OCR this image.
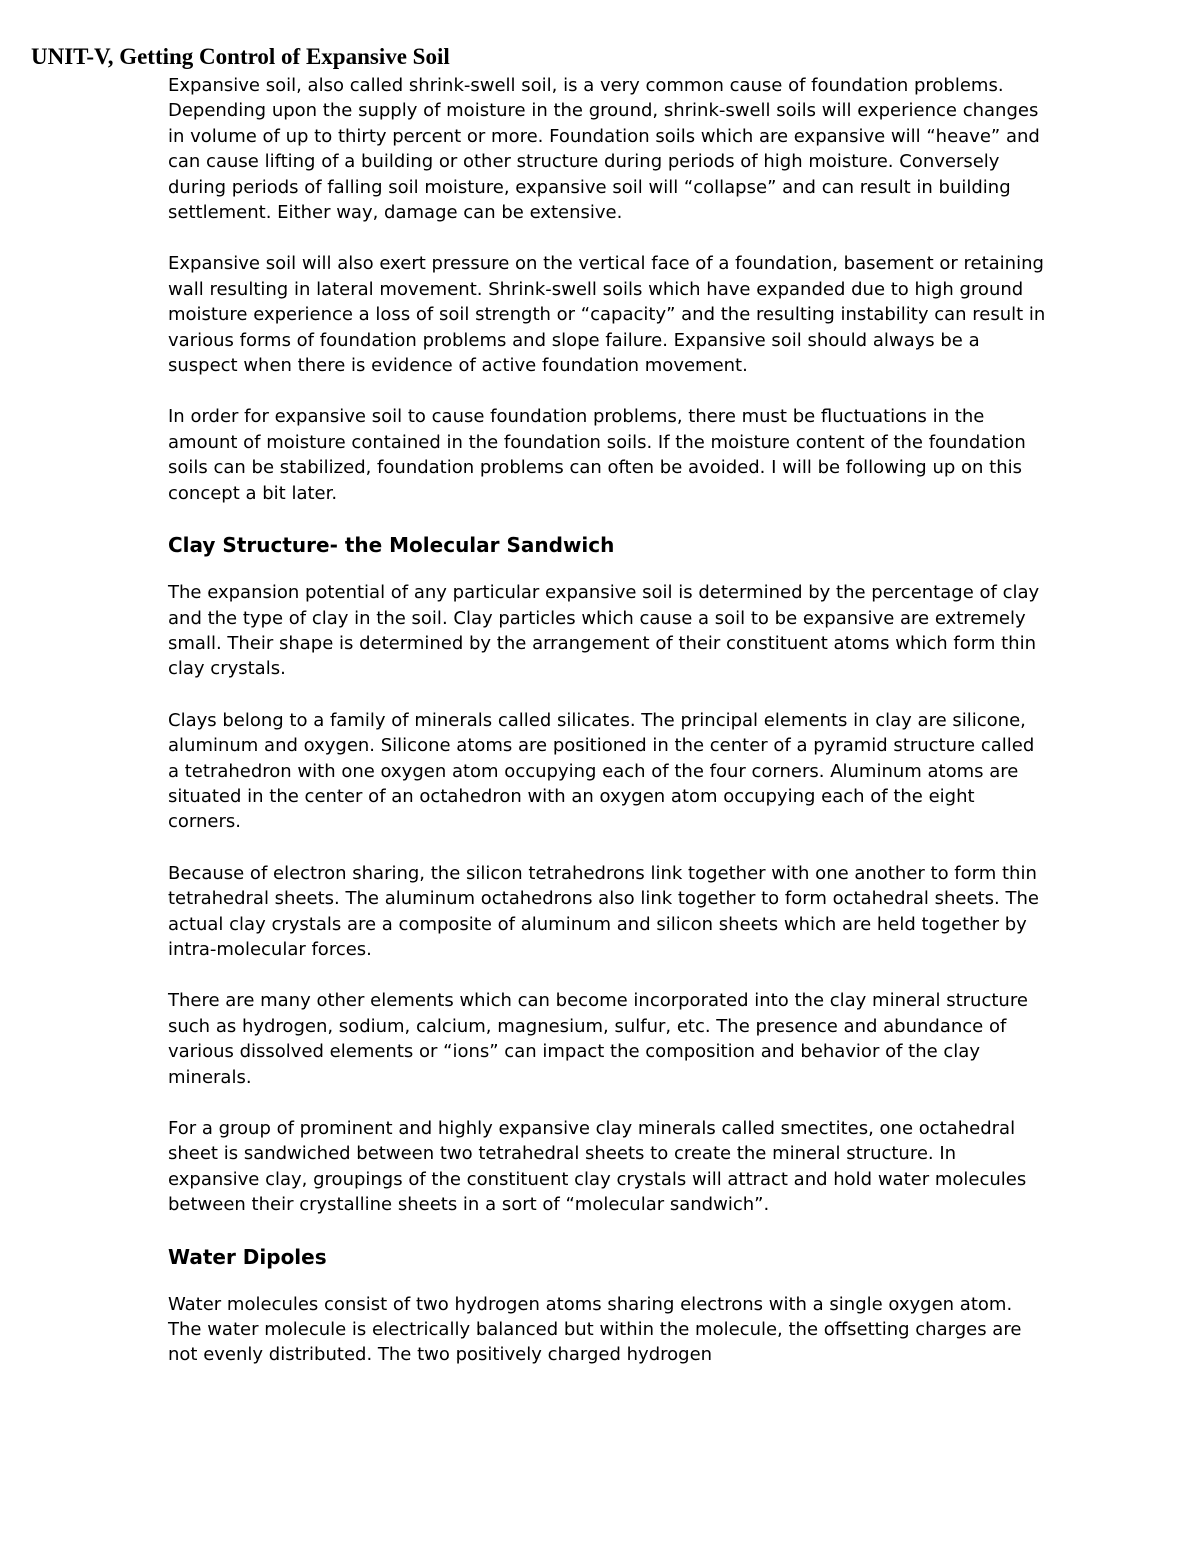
UNIT-V, Getting Control of Expansive Soil

Expansive soil, also called shrink-swell soil, is a very common cause of foundation problems. Depending upon the supply of moisture in the ground, shrink-swell soils will experience changes in volume of up to thirty percent or more. Foundation soils which are expansive will “heave” and can cause lifting of a building or other structure during periods of high moisture. Conversely during periods of falling soil moisture, expansive soil will “collapse” and can result in building settlement. Either way, damage can be extensive.

Expansive soil will also exert pressure on the vertical face of a foundation, basement or retaining wall resulting in lateral movement. Shrink-swell soils which have expanded due to high ground moisture experience a loss of soil strength or “capacity” and the resulting instability can result in various forms of foundation problems and slope failure. Expansive soil should always be a suspect when there is evidence of active foundation movement.

In order for expansive soil to cause foundation problems, there must be fluctuations in the amount of moisture contained in the foundation soils. If the moisture content of the foundation soils can be stabilized, foundation problems can often be avoided. I will be following up on this concept a bit later.

Clay Structure- the Molecular Sandwich

The expansion potential of any particular expansive soil is determined by the percentage of clay and the type of clay in the soil. Clay particles which cause a soil to be expansive are extremely small. Their shape is determined by the arrangement of their constituent atoms which form thin clay crystals.

Clays belong to a family of minerals called silicates. The principal elements in clay are silicone, aluminum and oxygen. Silicone atoms are positioned in the center of a pyramid structure called a tetrahedron with one oxygen atom occupying each of the four corners. Aluminum atoms are situated in the center of an octahedron with an oxygen atom occupying each of the eight corners.

Because of electron sharing, the silicon tetrahedrons link together with one another to form thin tetrahedral sheets. The aluminum octahedrons also link together to form octahedral sheets. The actual clay crystals are a composite of aluminum and silicon sheets which are held together by intra-molecular forces.

There are many other elements which can become incorporated into the clay mineral structure such as hydrogen, sodium, calcium, magnesium, sulfur, etc. The presence and abundance of various dissolved elements or “ions” can impact the composition and behavior of the clay minerals.

For a group of prominent and highly expansive clay minerals called smectites, one octahedral sheet is sandwiched between two tetrahedral sheets to create the mineral structure. In expansive clay, groupings of the constituent clay crystals will attract and hold water molecules between their crystalline sheets in a sort of “molecular sandwich”.

Water Dipoles

Water molecules consist of two hydrogen atoms sharing electrons with a single oxygen atom. The water molecule is electrically balanced but within the molecule, the offsetting charges are not evenly distributed. The two positively charged hydrogen
